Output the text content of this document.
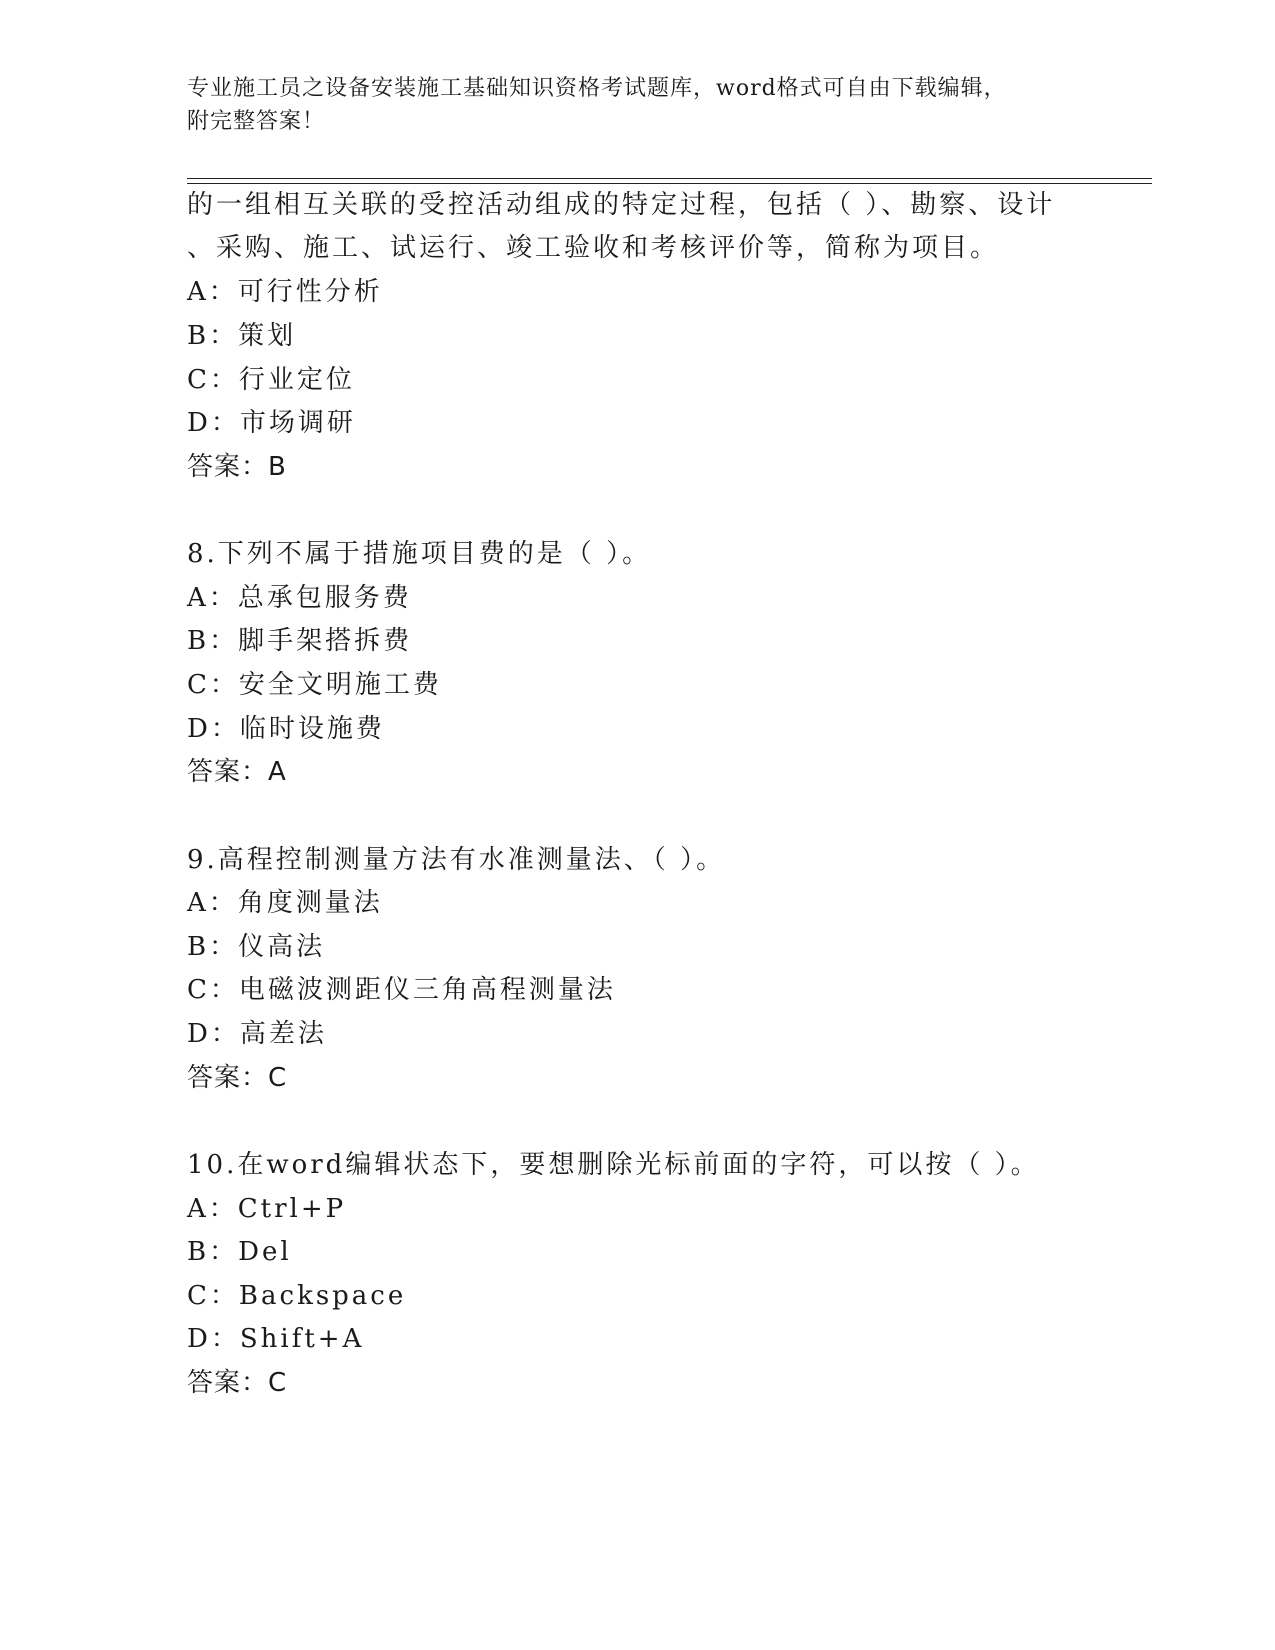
专业施工员之设备安装施工基础知识资格考试题库，word格式可自由下载编辑，
附完整答案！
的一组相互关联的受控活动组成的特定过程，包括（ ）、勘察、设计
、采购、施工、试运行、竣工验收和考核评价等，简称为项目。
A：可行性分析
B：策划
C：行业定位
D：市场调研
答案：B
8.下列不属于措施项目费的是（ ）。
A：总承包服务费
B：脚手架搭拆费
C：安全文明施工费
D：临时设施费
答案：A
9.高程控制测量方法有水准测量法、（ ）。
A：角度测量法
B：仪高法
C：电磁波测距仪三角高程测量法
D：高差法
答案：C
10.在word编辑状态下，要想删除光标前面的字符，可以按（ ）。
A：Ctrl+P
B：Del
C：Backspace
D：Shift+A
答案：C
